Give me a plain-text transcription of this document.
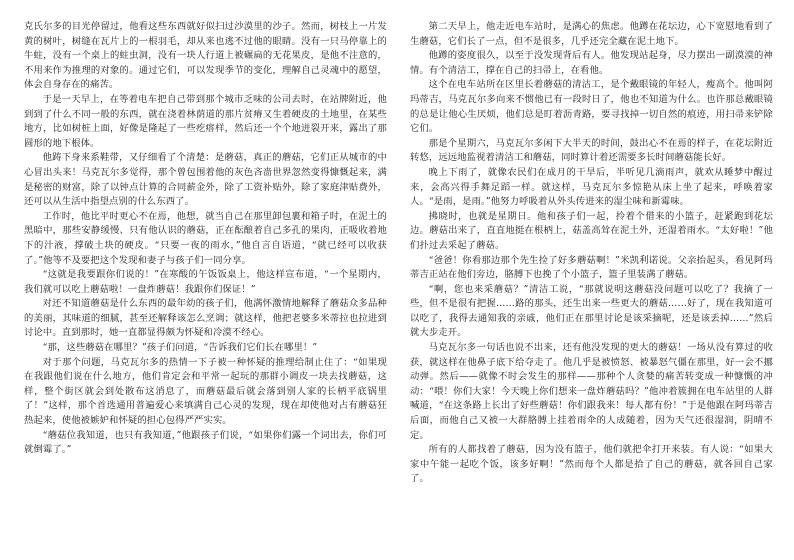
克氏尔多的目光停留过，他看这些东西就好似扫过沙漠里的沙子。然而，树枝上一片发黄的树叶，树缝在瓦片上的一根羽毛，却从来也逃不过他的眼睛。没有一只马停靠上的牛蛀，没有一个桌上的蛀虫洞，没有一块人行道上被碾扁的无花果皮，是他不注意的，不用来作为推理的对象的。通过它们，可以发现季节的变化，理解自己灵魂中的愿望，体会自身存在的痛苦。

于是一天早上，在等着电车把自己带到那个城市乏味的公司去时，在站牌附近，他到到了什么不同一般的东西，就在浇着林荫道的那片贫瘠又生着硬皮的土地里，在某些地方，比如树桩上面，好像是隆起了一些疙瘩样，然后还一个个地迸裂开来，露出了那圆形的地下根体。

他踌下身来系鞋带，又仔细看了个清楚：是蘑菇，真正的蘑菇，它们正从城市的中心冒出头来！马克瓦尔多觉得，那个曾包围着他的灰色吝啬世界忽然变得慷慨起来，满是秘密的财富，除了以钟点计算的合同薪金外，除了工资补贴外，除了家庭津贴费外，还可以从生活中指望点别的什么东西了。

工作时，他比平时更心不在焉，他想，就当自己在那里卸包裹和箱子时，在泥土的黑暗中，那些安静缓慢、只有他认识的蘑菇，正在酝酿着自己多孔的果肉，正吸收着地下的汁液，撑破土块的硬皮。“只要一夜的雨水，”他自言自语道，“就已经可以收获了。”他等不及要把这个发现和妻子与孩子们一同分享。

“这就是我要跟你们说的！”在寒酸的午饭饭桌上，他这样宣布道，“一个星期内，我们就可以吃上蘑菇啦！一盘炸蘑菇！我跟你们保证！”

对还不知道蘑菇是什么东西的最年幼的孩子们，他满怀激情地解释了蘑菇众多品种的美丽，其味道的细腻，甚至还解释该怎么烹调；就这样，他把老婆多米蒂拉也拉进到讨论中。直到那时，她一直都显得颇为怀疑和冷漠不经心。

“那，这些蘑菇在哪里？”孩子们问道，“告诉我们它们长在哪里！”

对于那个问题，马克瓦尔多的热情一下子被一种怀疑的推理给制止住了：“如果现在我跟他们说在什么地方，他们肯定会和平常一起玩的那群小调皮一块去找蘑菇，这样，整个街区就会到处散布这消息了，而蘑菇最后就会落到别人家的长柄平底锅里了！”这样，那个首选通用普遍爱心来填满自己心灵的发现，现在却使他对占有蘑菇狂热起来，使他被嫉妒和怀疑的担心包得严严实实。

“蘑菇位我知道，也只有我知道，”他跟孩子们说，“如果你们露一个词出去，你们可就倒霉了。”

第二天早上，他走近电车站时，是满心的焦虑。他蹲在花坛边，心下宽慰地看到了生蘑菇，它们长了一点，但不是很多，几乎还完全藏在泥土地下。

他蹲的姿度很久，以至于没发现背后有人。他发现站起身，尽力摆出一副漠漠的神情。有个清洁工，撑在自己的扫帚上，在看他。

这个在电车站所在区里长着蘑菇的清洁工，是个戴眼镜的年轻人，瘦高个。他叫阿玛蒂吉，马克瓦尔多向来不惯他已有一段时日了，他也不知道为什么。也许那总戴眼镜的总是让他心生厌烦，他们总是盯着沥青路，要寻找掉一切自然的痕迹，用扫帚来铲除它们。

那是个星期六，马克瓦尔多闲下大半天的时间，鼓出心不在焉的样子，在花坛附近转悠，远远地监视着清洁工和蘑菇，同时算计着还需要多长时间蘑菇能长好。

晚上下雨了，就像农民们在成月的干旱后，半听见几滴雨声，就欢从睡梦中醒过来，会高兴得手舞足蹈一样。就这样，马克瓦尔多惊艳从床上坐了起来，呼唤着家人。“是雨，是雨。”他努力呼吸着从外头传进来的湿尘味和新霉味。

拂晓时，也就是星期日。他和孩子们一起，拎着个借来的小篮子，赶紧跑到花坛边。蘑菇出来了，直直地挺在根柄上，菇盖高耸在泥土外，还湿着雨水。“太好啦！”他们扑过去采起了蘑菇。

“爸爸！你看那边那个先生捡了好多蘑菇啊！”米凯利诺说。父亲抬起头，看见阿玛蒂吉正站在他们旁边，胳膊下也挽了个小篮子，篮子里装满了蘑菇。

“啊，您也来采蘑菇？”清洁工说，“那就说明这蘑菇没问题可以吃了？我摘了一些，但不是很有把握……路的那头，还生出来一些更大的蘑菇……好了，现在我知道可以吃了，我得去通知我的亲戚，他们正在那里讨论是该采摘呢，还是该丢掉……”然后就大步走开。

马克瓦尔多一句话也说不出来，还有他没发现的更大的蘑菇！一场从没有算过的收获，就这样在他鼻子底下给夺走了。他几乎是被愤怒、被暴怒气僵在那里，好一会不挪动弹。然后——就像不时会发生的那样——那种个人贪婪的痛苦转变成一种慷慨的冲动：“喂！你们大家！今天晚上你们想来一盘炸蘑菇吗？”他冲着簇拥在电车站里的人群喊道，“在这条路上长出了好些蘑菇！你们跟我来！每人都有份！”于是他跟在阿玛蒂吉后面，而他自己又被一大群胳膊上挂着雨伞的人成随着，因为天气还很湿润，阴晴不定。

所有的人都找着了蘑菇，因为没有篮子，他们就把伞打开来装。有人说：“如果大家中午能一起吃个饭，该多好啊！”然而每个人都是拾了自己的蘑菇，就各回自己家了。
